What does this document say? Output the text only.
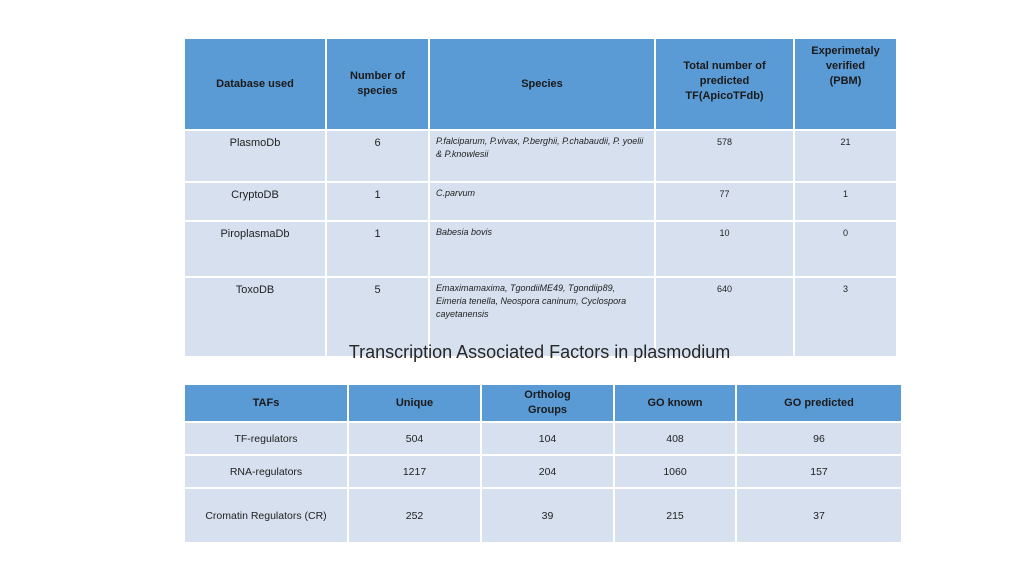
Database used	Number of species	Species	Total number of predicted TF(ApicoTFdb)	Experimetaly verified (PBM)
PlasmoDb	6	P.falciparum, P.vivax, P.berghii, P.chabaudii, P. yoelii & P.knowlesii	578	21
CryptoDB	1	C.parvum	77	1
PiroplasmaDb	1	Babesia bovis	10	0
ToxoDB	5	Emaximamaxima, TgondiiME49, Tgondiip89, Eimeria tenella, Neospora caninum, Cyclospora cayetanensis	640	3
Transcription Associated Factors in plasmodium
TAFs	Unique	Ortholog Groups	GO known	GO predicted
TF-regulators	504	104	408	96
RNA-regulators	1217	204	1060	157
Cromatin Regulators (CR)	252	39	215	37
